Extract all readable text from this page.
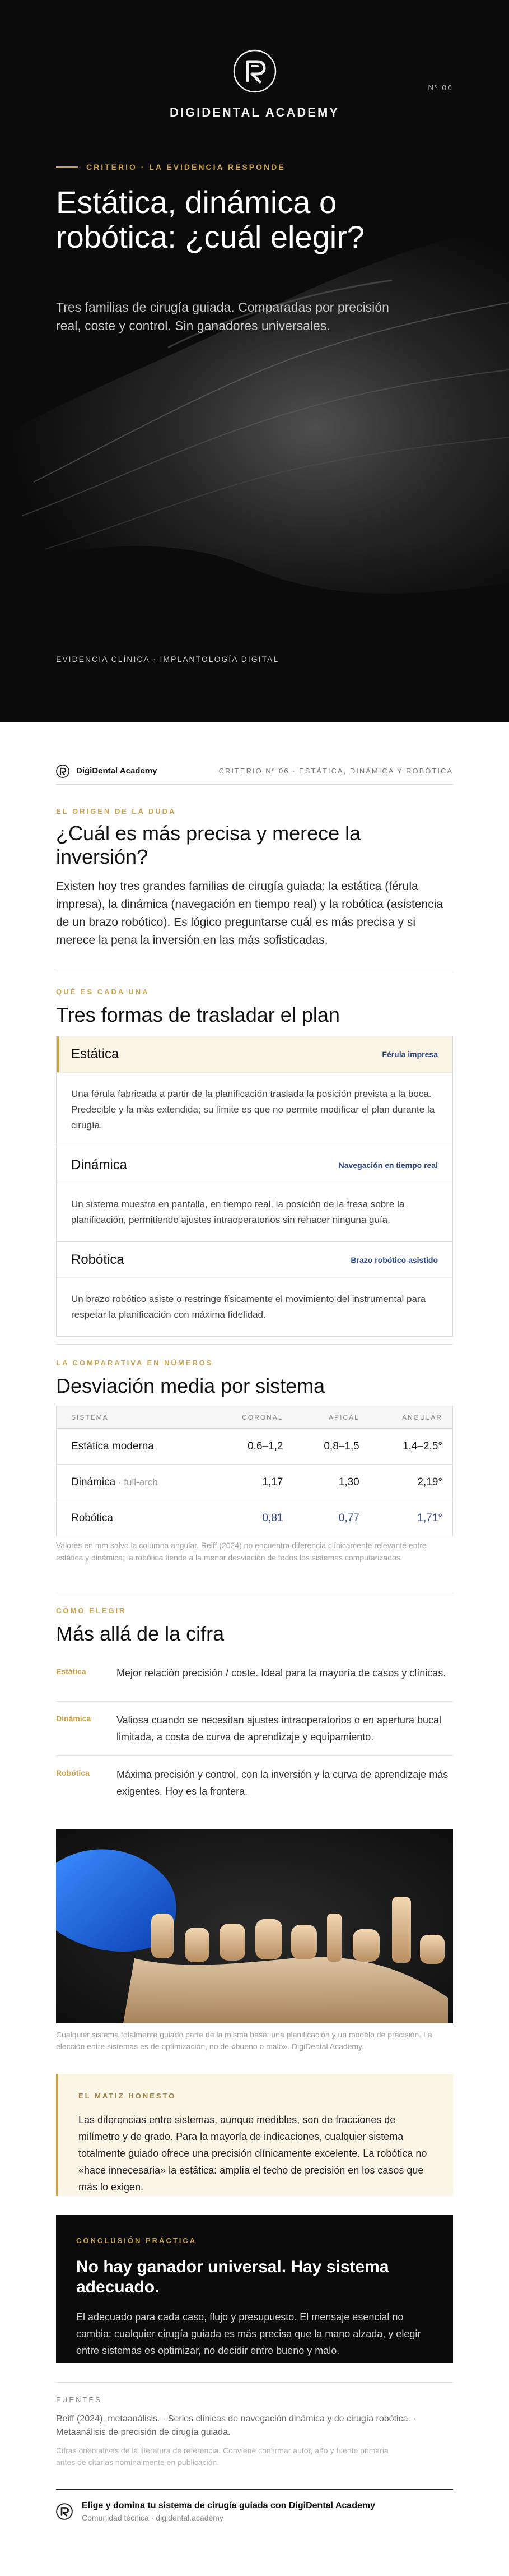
DIGIDENTAL ACADEMY
Nº 06
CRITERIO · LA EVIDENCIA RESPONDE
Estática, dinámica o robótica: ¿cuál elegir?

Tres familias de cirugía guiada. Comparadas por precisión real, coste y control. Sin ganadores universales.

EVIDENCIA CLÍNICA · IMPLANTOLOGÍA DIGITAL
DigiDental Academy	CRITERIO Nº 06 · ESTÁTICA, DINÁMICA Y ROBÓTICA
EL ORIGEN DE LA DUDA
¿Cuál es más precisa y merece la inversión?

Existen hoy tres grandes familias de cirugía guiada: la estática (férula impresa), la dinámica (navegación en tiempo real) y la robótica (asistencia de un brazo robótico). Es lógico preguntarse cuál es más precisa y si merece la pena la inversión en las más sofisticadas.

QUÉ ES CADA UNA
Tres formas de trasladar el plan
Estática	Férula impresa
Una férula fabricada a partir de la planificación traslada la posición prevista a la boca. Predecible y la más extendida; su límite es que no permite modificar el plan durante la cirugía.
Dinámica	Navegación en tiempo real
Un sistema muestra en pantalla, en tiempo real, la posición de la fresa sobre la planificación, permitiendo ajustes intraoperatorios sin rehacer ninguna guía.
Robótica	Brazo robótico asistido
Un brazo robótico asiste o restringe físicamente el movimiento del instrumental para respetar la planificación con máxima fidelidad.
LA COMPARATIVA EN NÚMEROS
Desviación media por sistema
SISTEMA	CORONAL	APICAL	ANGULAR
Estática moderna	0,6–1,2	0,8–1,5	1,4–2,5°
Dinámica · full-arch	1,17	1,30	2,19°
Robótica	0,81	0,77	1,71°

Valores en mm salvo la columna angular. Reiff (2024) no encuentra diferencia clínicamente relevante entre estática y dinámica; la robótica tiende a la menor desviación de todos los sistemas computarizados.

CÓMO ELEGIR
Más allá de la cifra
Estática	Mejor relación precisión / coste. Ideal para la mayoría de casos y clínicas.
Dinámica	Valiosa cuando se necesitan ajustes intraoperatorios o en apertura bucal limitada, a costa de curva de aprendizaje y equipamiento.
Robótica	Máxima precisión y control, con la inversión y la curva de aprendizaje más exigentes. Hoy es la frontera.

Cualquier sistema totalmente guiado parte de la misma base: una planificación y un modelo de precisión. La elección entre sistemas es de optimización, no de «bueno o malo». DigiDental Academy.

EL MATIZ HONESTO

Las diferencias entre sistemas, aunque medibles, son de fracciones de milímetro y de grado. Para la mayoría de indicaciones, cualquier sistema totalmente guiado ofrece una precisión clínicamente excelente. La robótica no «hace innecesaria» la estática: amplía el techo de precisión en los casos que más lo exigen.

CONCLUSIÓN PRÁCTICA
No hay ganador universal. Hay sistema adecuado.

El adecuado para cada caso, flujo y presupuesto. El mensaje esencial no cambia: cualquier cirugía guiada es más precisa que la mano alzada, y elegir entre sistemas es optimizar, no decidir entre bueno y malo.

FUENTES

Reiff (2024), metaanálisis. · Series clínicas de navegación dinámica y de cirugía robótica. · Metaanálisis de precisión de cirugía guiada.

Cifras orientativas de la literatura de referencia. Conviene confirmar autor, año y fuente primaria antes de citarlas nominalmente en publicación.

Elige y domina tu sistema de cirugía guiada con DigiDental Academy
Comunidad técnica · digidental.academy
